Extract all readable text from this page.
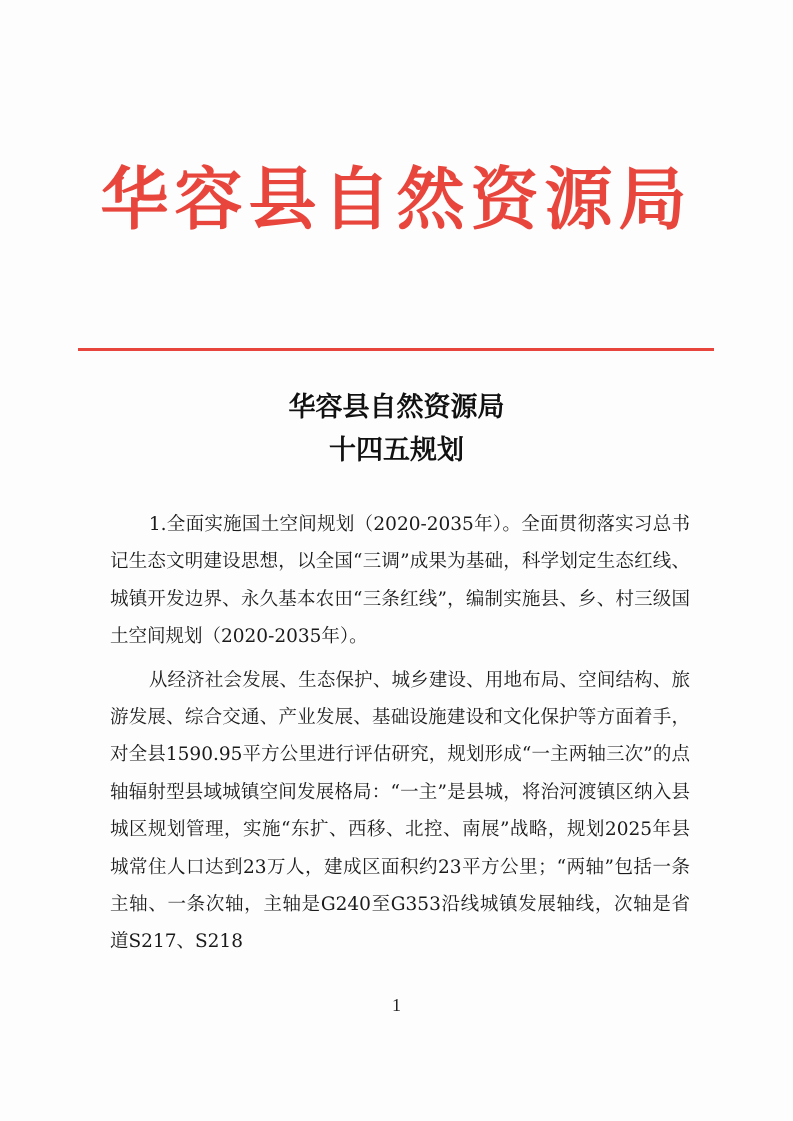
华容县自然资源局
华容县自然资源局
十四五规划

1.全面实施国土空间规划（2020-2035年）。全面贯彻落实习总书记生态文明建设思想，以全国“三调”成果为基础，科学划定生态红线、城镇开发边界、永久基本农田“三条红线”，编制实施县、乡、村三级国土空间规划（2020-2035年）。

从经济社会发展、生态保护、城乡建设、用地布局、空间结构、旅游发展、综合交通、产业发展、基础设施建设和文化保护等方面着手，对全县1590.95平方公里进行评估研究，规划形成“一主两轴三次”的点轴辐射型县域城镇空间发展格局：“一主”是县城，将治河渡镇区纳入县城区规划管理，实施“东扩、西移、北控、南展”战略，规划2025年县城常住人口达到23万人，建成区面积约23平方公里；“两轴”包括一条主轴、一条次轴，主轴是G240至G353沿线城镇发展轴线，次轴是省道S217、S218

1
